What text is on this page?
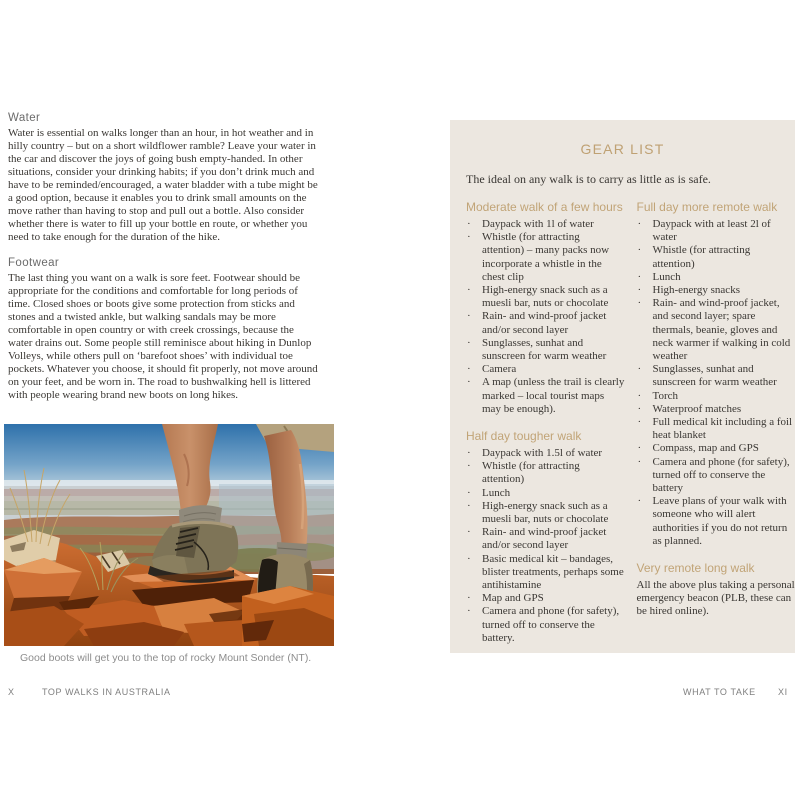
Water

Water is essential on walks longer than an hour, in hot weather and in hilly country – but on a short wildflower ramble? Leave your water in the car and discover the joys of going bush empty-handed. In other situations, consider your drinking habits; if you don’t drink much and have to be reminded/encouraged, a water bladder with a tube might be a good option, because it enables you to drink small amounts on the move rather than having to stop and pull out a bottle. Also consider whether there is water to fill up your bottle en route, or whether you need to take enough for the duration of the hike.

Footwear

The last thing you want on a walk is sore feet. Footwear should be appropriate for the conditions and comfortable for long periods of time. Closed shoes or boots give some protection from sticks and stones and a twisted ankle, but walking sandals may be more comfortable in open country or with creek crossings, because the water drains out. Some people still reminisce about hiking in Dunlop Volleys, while others pull on ‘barefoot shoes’ with individual toe pockets. Whatever you choose, it should fit properly, not move around on your feet, and be worn in. The road to bushwalking hell is littered with people wearing brand new boots on long hikes.

Good boots will get you to the top of rocky Mount Sonder (NT).

X	TOP WALKS IN AUSTRALIA
GEAR LIST

The ideal on any walk is to carry as little as is safe.

Moderate walk of a few hours
·	Daypack with 1l of water
·	Whistle (for attracting attention) – many packs now incorporate a whistle in the chest clip
·	High-energy snack such as a muesli bar, nuts or chocolate
·	Rain- and wind-proof jacket and/or second layer
·	Sunglasses, sunhat and sunscreen for warm weather
·	Camera
·	A map (unless the trail is clearly marked – local tourist maps may be enough).
Half day tougher walk
·	Daypack with 1.5l of water
·	Whistle (for attracting attention)
·	Lunch
·	High-energy snack such as a muesli bar, nuts or chocolate
·	Rain- and wind-proof jacket and/or second layer
·	Basic medical kit – bandages, blister treatments, perhaps some antihistamine
·	Map and GPS
·	Camera and phone (for safety), turned off to conserve the battery.
Full day more remote walk
·	Daypack with at least 2l of water
·	Whistle (for attracting attention)
·	Lunch
·	High-energy snacks
·	Rain- and wind-proof jacket, and second layer; spare thermals, beanie, gloves and neck warmer if walking in cold weather
·	Sunglasses, sunhat and sunscreen for warm weather
·	Torch
·	Waterproof matches
·	Full medical kit including a foil heat blanket
·	Compass, map and GPS
·	Camera and phone (for safety), turned off to conserve the battery
·	Leave plans of your walk with someone who will alert authorities if you do not return as planned.
Very remote long walk

All the above plus taking a personal emergency beacon (PLB, these can be hired online).

WHAT TO TAKE XI
